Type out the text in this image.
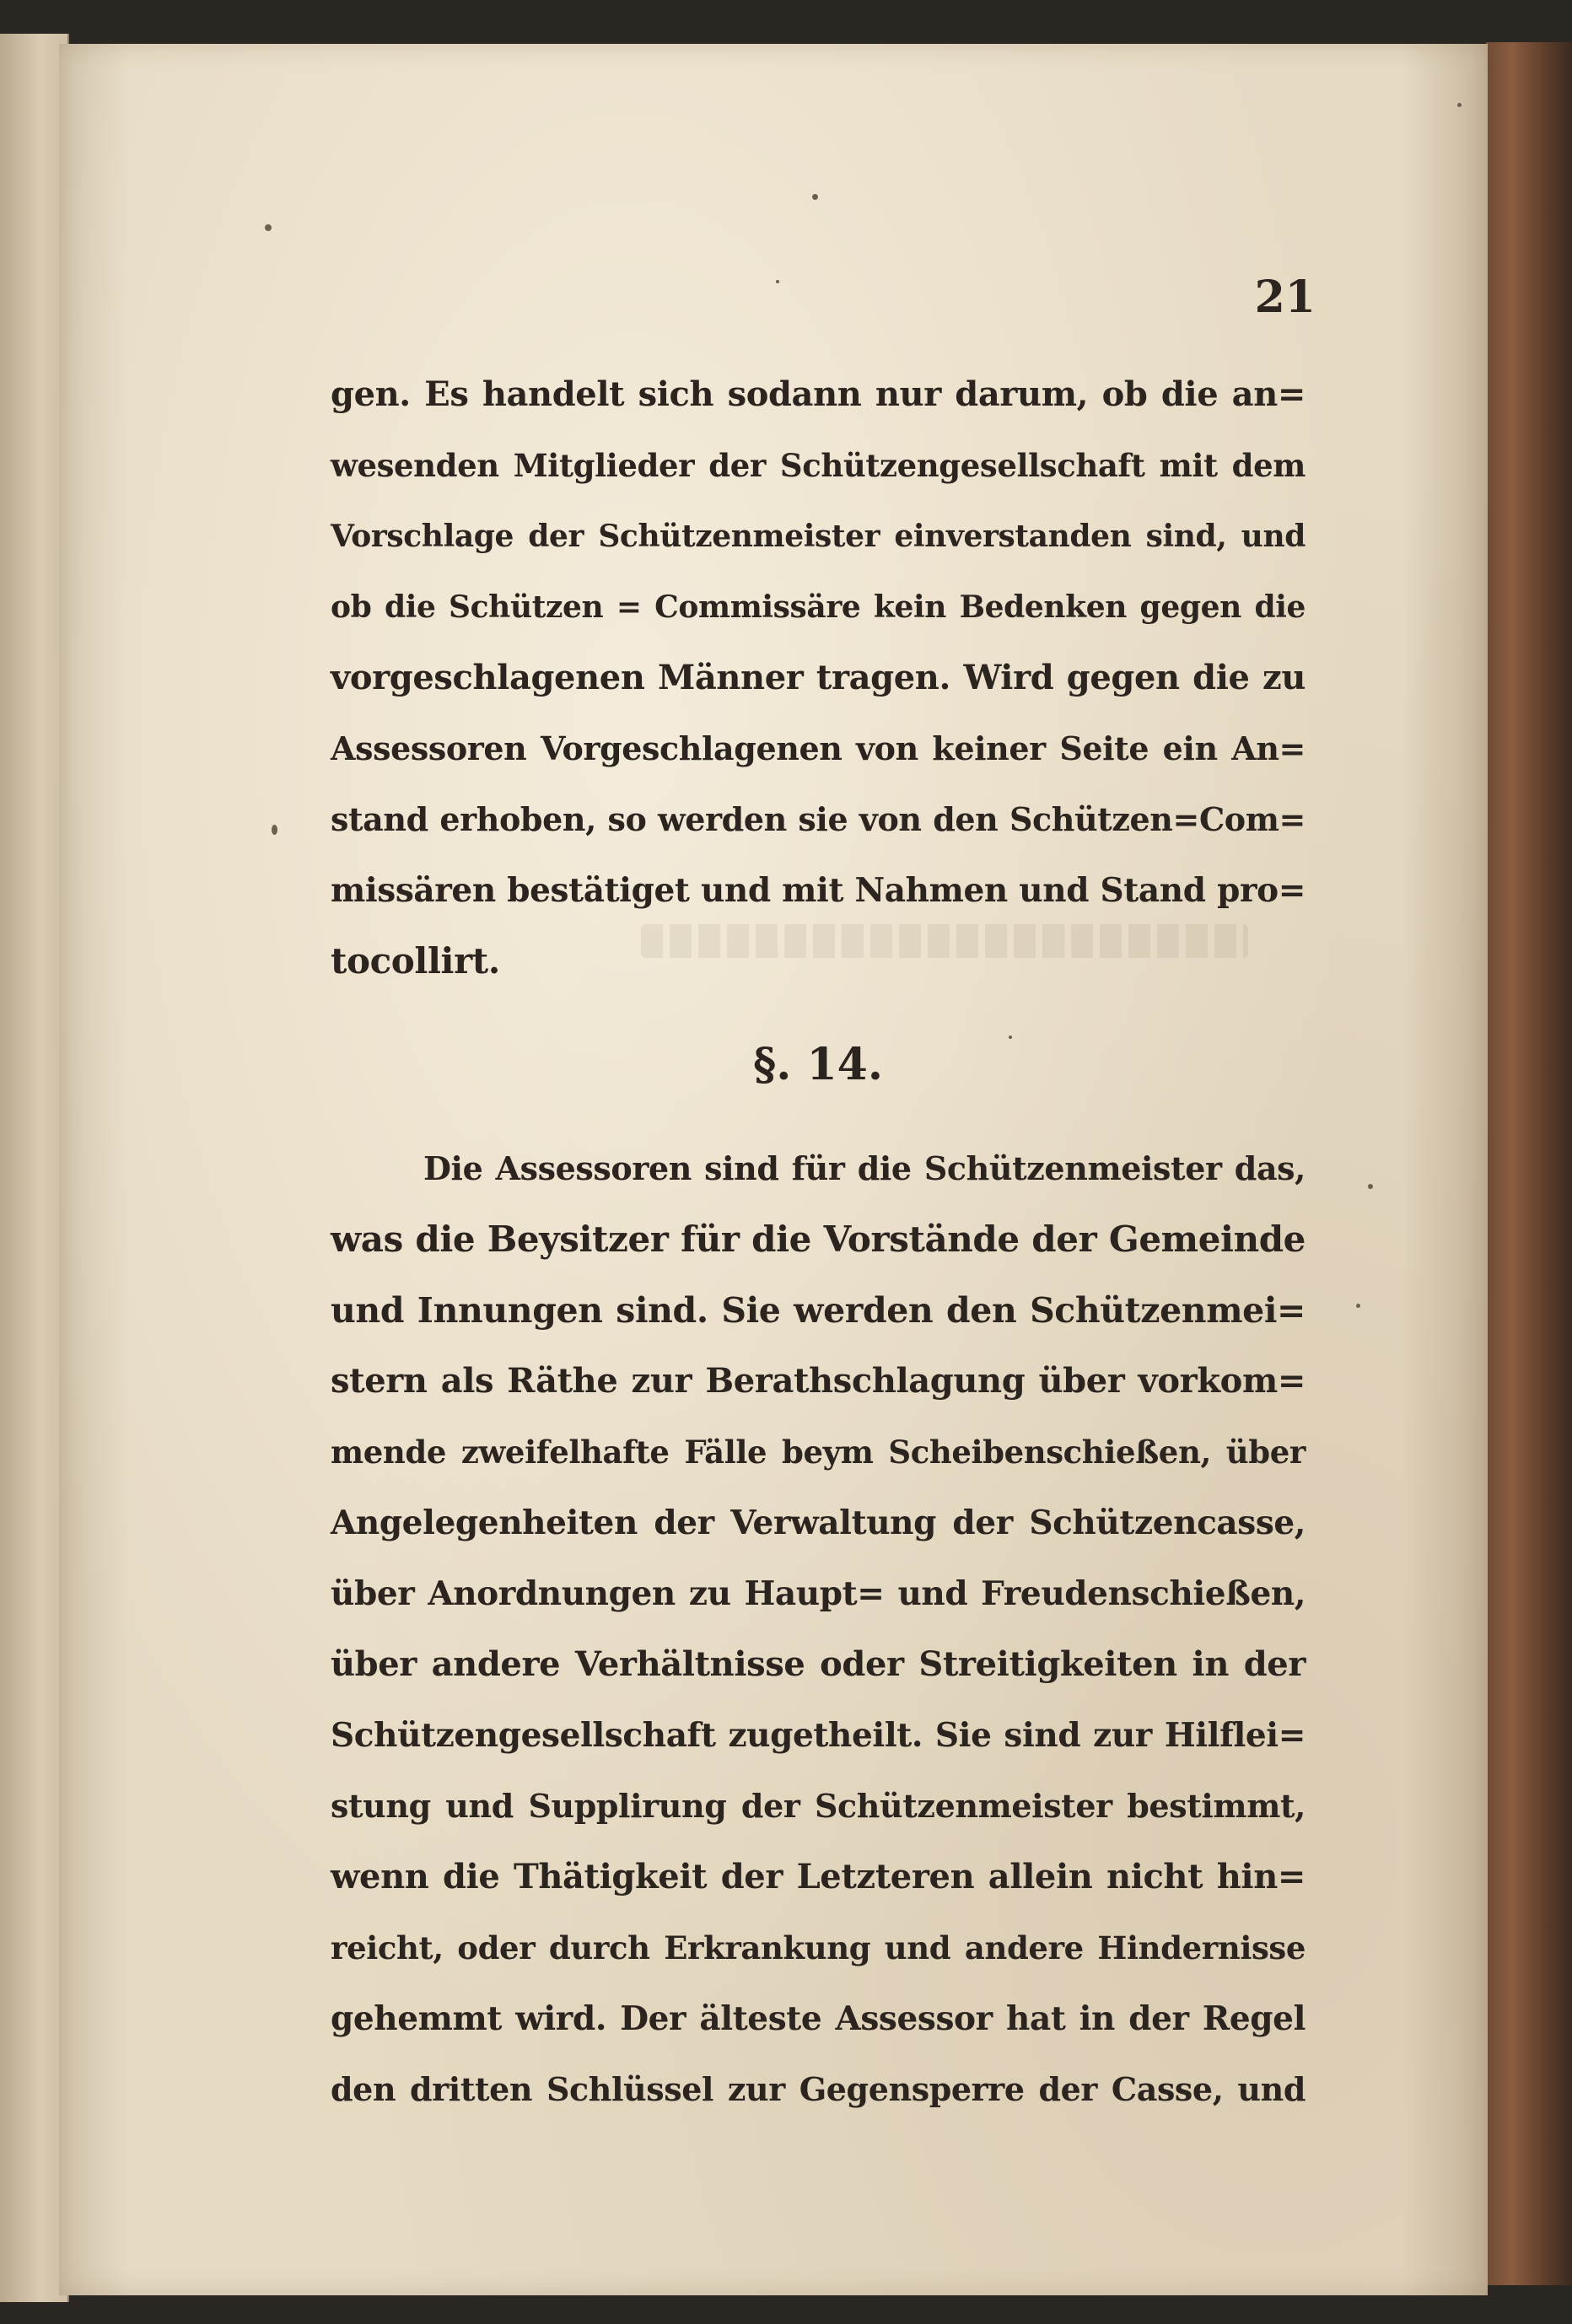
21

gen. Es handelt sich sodann nur darum, ob die an=
wesenden Mitglieder der Schützengesellschaft mit dem
Vorschlage der Schützenmeister einverstanden sind, und
ob die Schützen = Commissäre kein Bedenken gegen die
vorgeschlagenen Männer tragen. Wird gegen die zu
Assessoren Vorgeschlagenen von keiner Seite ein An=
stand erhoben, so werden sie von den Schützen=Com=
missären bestätiget und mit Nahmen und Stand pro=
tocollirt.
§. 14.
Die Assessoren sind für die Schützenmeister das,
was die Beysitzer für die Vorstände der Gemeinde
und Innungen sind. Sie werden den Schützenmei=
stern als Räthe zur Berathschlagung über vorkom=
mende zweifelhafte Fälle beym Scheibenschießen, über
Angelegenheiten der Verwaltung der Schützencasse,
über Anordnungen zu Haupt= und Freudenschießen,
über andere Verhältnisse oder Streitigkeiten in der
Schützengesellschaft zugetheilt. Sie sind zur Hilflei=
stung und Supplirung der Schützenmeister bestimmt,
wenn die Thätigkeit der Letzteren allein nicht hin=
reicht, oder durch Erkrankung und andere Hindernisse
gehemmt wird. Der älteste Assessor hat in der Regel
den dritten Schlüssel zur Gegensperre der Casse, und
